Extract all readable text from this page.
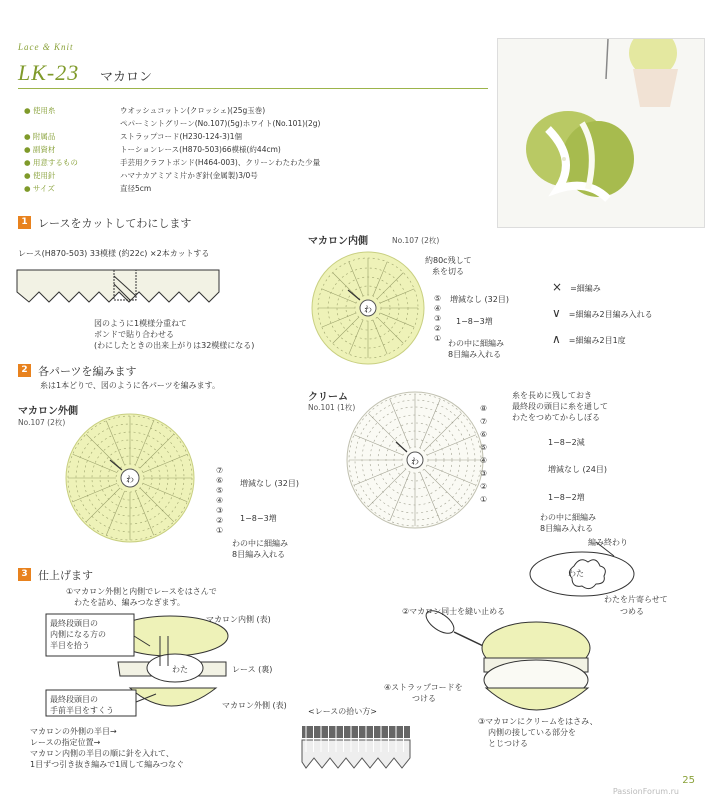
Lace & Knit
LK-23 マカロン
● 使用糸	ウオッシュコットン(クロッシェ)(25g玉巻)
ペパーミントグリーン(No.107)(5g)ホワイト(No.101)(2g)
● 附属品	ストラップコード(H230-124-3)1個
● 副資材	トーションレース(H870-503)66模様(約44cm)
● 用意するもの	手芸用クラフトボンド(H464-003)、クリーンわたわた少量
● 使用針	ハマナカアミアミ片かぎ針(金属製)3/0号
● サイズ	直径5cm
1 レースをカットしてわにします
レース(H870-503) 33模様 (約22c) ×2本カットする
図のように1模様分重ねて
ボンドで貼り合わせる
(わにしたときの出来上がりは32模様になる)
2 各パーツを編みます
糸は1本どりで、図のように各パーツを編みます。
マカロン外側
No.107 (2枚)
わ
⑦
⑥
⑤
④
③
②
①
増減なし (32目)
1−8−3増
わの中に細編み
8目編み入れる
マカロン内側	No.107 (2枚)
わ
約80c残して
糸を切る
⑤
④
③
②
①
増減なし (32目)
1−8−3増
わの中に細編み
8目編み入れる
× =細編み
∨ =細編み2目編み入れる
∧ =細編み2目1度
クリーム
No.101 (1枚)
わ
糸を長めに残しておき
最終段の頭目に糸を通して
わたをつめてからしぼる
⑧
⑦
⑥
⑤
④
③
②
①
1−8−2減
増減なし (24目)
1−8−2増
わの中に細編み
8目編み入れる
編み終わり
わた
わたを片寄らせて
つめる
3 仕上げます
①マカロン外側と内側でレースをはさんで
わたを詰め、編みつなぎます。
最終段頭目の
内側になる方の
半目を拾う
最終段頭目の
手前半目をすくう
マカロン内側 (表)
レース (裏)
マカロン外側 (表)
わた
マカロンの外側の半目→
レースの指定位置→
マカロン内側の半目の順に針を入れて、
1目ずつ引き抜き編みで1周して編みつなぐ
<レースの拾い方>
②マカロン同士を縫い止める
④ストラップコードを
つける
③マカロンにクリームをはさみ、
内側の接している部分を
とじつける
25
PassionForum.ru
